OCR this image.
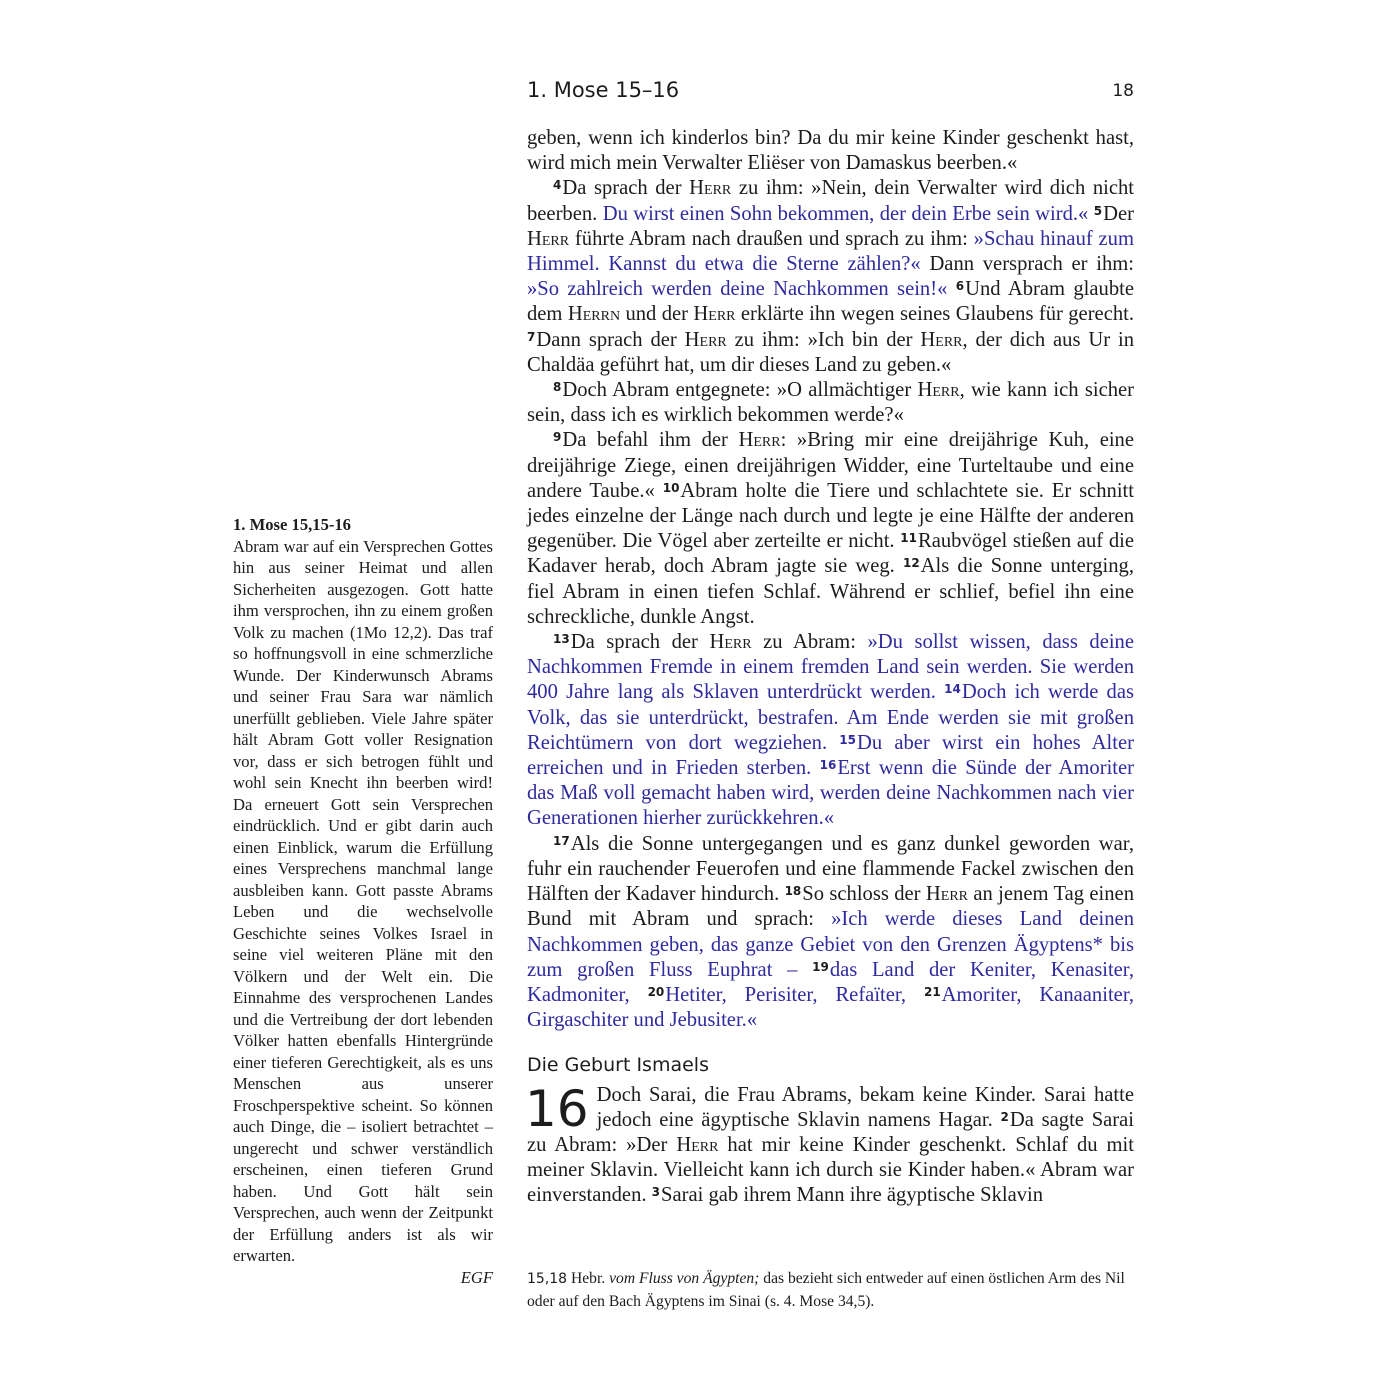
1. Mose 15–16	18
1. Mose 15,15-16
Abram war auf ein Versprechen Gottes hin aus seiner Heimat und allen Sicherheiten ausgezogen. Gott hatte ihm versprochen, ihn zu einem großen Volk zu machen (1Mo 12,2). Das traf so hoffnungsvoll in eine schmerzliche Wunde. Der Kinderwunsch Abrams und seiner Frau Sara war nämlich unerfüllt geblieben. Viele Jahre später hält Abram Gott voller Resignation vor, dass er sich betrogen fühlt und wohl sein Knecht ihn beerben wird! Da erneuert Gott sein Versprechen eindrücklich. Und er gibt darin auch einen Einblick, warum die Erfüllung eines Versprechens manchmal lange ausbleiben kann. Gott passte Abrams Leben und die wechselvolle Geschichte seines Volkes Israel in seine viel weiteren Pläne mit den Völkern und der Welt ein. Die Einnahme des versprochenen Landes und die Vertreibung der dort lebenden Völker hatten ebenfalls Hintergründe einer tieferen Gerechtigkeit, als es uns Menschen aus unserer Froschperspektive scheint. So können auch Dinge, die – isoliert betrachtet – ungerecht und schwer verständlich erscheinen, einen tieferen Grund haben. Und Gott hält sein Versprechen, auch wenn der Zeitpunkt der Erfüllung anders ist als wir erwarten.
EGF

geben, wenn ich kinderlos bin? Da du mir keine Kinder geschenkt hast, wird mich mein Verwalter Eliëser von Damaskus beerben.«

$^4$Da sprach der Herr zu ihm: »Nein, dein Verwalter wird dich nicht beerben. Du wirst einen Sohn bekommen, der dein Erbe sein wird.« $^5$Der Herr führte Abram nach draußen und sprach zu ihm: »Schau hinauf zum Himmel. Kannst du etwa die Sterne zählen?« Dann versprach er ihm: »So zahlreich werden deine Nachkommen sein!« $^6$Und Abram glaubte dem Herrn und der Herr erklärte ihn wegen seines Glaubens für gerecht. $^7$Dann sprach der Herr zu ihm: »Ich bin der Herr, der dich aus Ur in Chaldäa geführt hat, um dir dieses Land zu geben.«

$^8$Doch Abram entgegnete: »O allmächtiger Herr, wie kann ich sicher sein, dass ich es wirklich bekommen werde?«

$^9$Da befahl ihm der Herr: »Bring mir eine dreijährige Kuh, eine dreijährige Ziege, einen dreijährigen Widder, eine Turteltaube und eine andere Taube.« $^{10}$Abram holte die Tiere und schlachtete sie. Er schnitt jedes einzelne der Länge nach durch und legte je eine Hälfte der anderen gegenüber. Die Vögel aber zerteilte er nicht. $^{11}$Raubvögel stießen auf die Kadaver herab, doch Abram jagte sie weg. $^{12}$Als die Sonne unterging, fiel Abram in einen tiefen Schlaf. Während er schlief, befiel ihn eine schreckliche, dunkle Angst.

$^{13}$Da sprach der Herr zu Abram: »Du sollst wissen, dass deine Nachkommen Fremde in einem fremden Land sein werden. Sie werden 400 Jahre lang als Sklaven unterdrückt werden. $^{14}$Doch ich werde das Volk, das sie unterdrückt, bestrafen. Am Ende werden sie mit großen Reichtümern von dort wegziehen. $^{15}$Du aber wirst ein hohes Alter erreichen und in Frieden sterben. $^{16}$Erst wenn die Sünde der Amoriter das Maß voll gemacht haben wird, werden deine Nachkommen nach vier Generationen hierher zurückkehren.«

$^{17}$Als die Sonne untergegangen und es ganz dunkel geworden war, fuhr ein rauchender Feuerofen und eine flammende Fackel zwischen den Hälften der Kadaver hindurch. $^{18}$So schloss der Herr an jenem Tag einen Bund mit Abram und sprach: »Ich werde dieses Land deinen Nachkommen geben, das ganze Gebiet von den Grenzen Ägyptens* bis zum großen Fluss Euphrat – $^{19}$das Land der Keniter, Kenasiter, Kadmoniter, $^{20}$Hetiter, Perisiter, Refaïter, $^{21}$Amoriter, Kanaaniter, Girgaschiter und Jebusiter.«

Die Geburt Ismaels

16 Doch Sarai, die Frau Abrams, bekam keine Kinder. Sarai hatte jedoch eine ägyptische Sklavin namens Hagar. $^2$Da sagte Sarai zu Abram: »Der Herr hat mir keine Kinder geschenkt. Schlaf du mit meiner Sklavin. Vielleicht kann ich durch sie Kinder haben.« Abram war einverstanden. $^3$Sarai gab ihrem Mann ihre ägyptische Sklavin

15,18 Hebr. vom Fluss von Ägypten; das bezieht sich entweder auf einen östlichen Arm des Nil oder auf den Bach Ägyptens im Sinai (s. 4. Mose 34,5).
